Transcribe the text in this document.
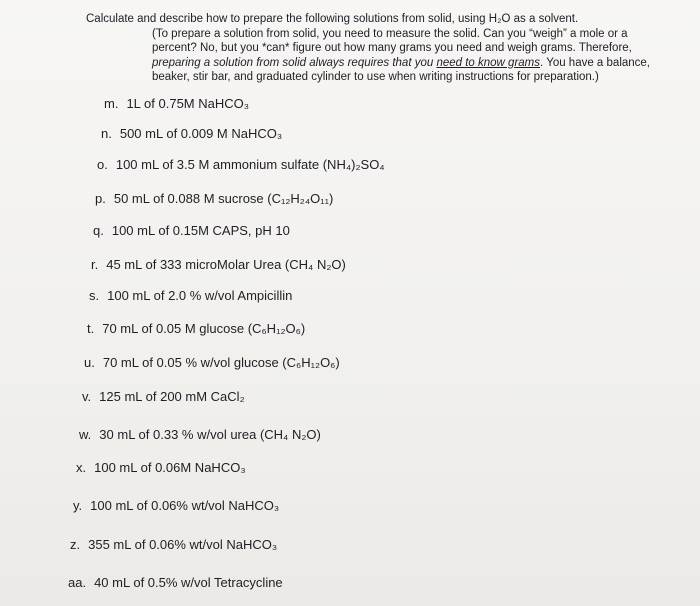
Calculate and describe how to prepare the following solutions from solid, using H₂O as a solvent.
(To prepare a solution from solid, you need to measure the solid. Can you “weigh” a mole or a
percent? No, but you *can* figure out how many grams you need and weigh grams. Therefore,
preparing a solution from solid always requires that you need to know grams. You have a balance,
beaker, stir bar, and graduated cylinder to use when writing instructions for preparation.)
m. 1L of 0.75M NaHCO₃
n. 500 mL of 0.009 M NaHCO₃
o. 100 mL of 3.5 M ammonium sulfate (NH₄)₂SO₄
p. 50 mL of 0.088 M sucrose (C₁₂H₂₄O₁₁)
q. 100 mL of 0.15M CAPS, pH 10
r. 45 mL of 333 microMolar Urea (CH₄ N₂O)
s. 100 mL of 2.0 % w/vol Ampicillin
t. 70 mL of 0.05 M glucose (C₆H₁₂O₆)
u. 70 mL of 0.05 % w/vol glucose (C₆H₁₂O₆)
v. 125 mL of 200 mM CaCl₂
w. 30 mL of 0.33 % w/vol urea (CH₄ N₂O)
x. 100 mL of 0.06M NaHCO₃
y. 100 mL of 0.06% wt/vol NaHCO₃
z. 355 mL of 0.06% wt/vol NaHCO₃
aa. 40 mL of 0.5% w/vol Tetracycline
